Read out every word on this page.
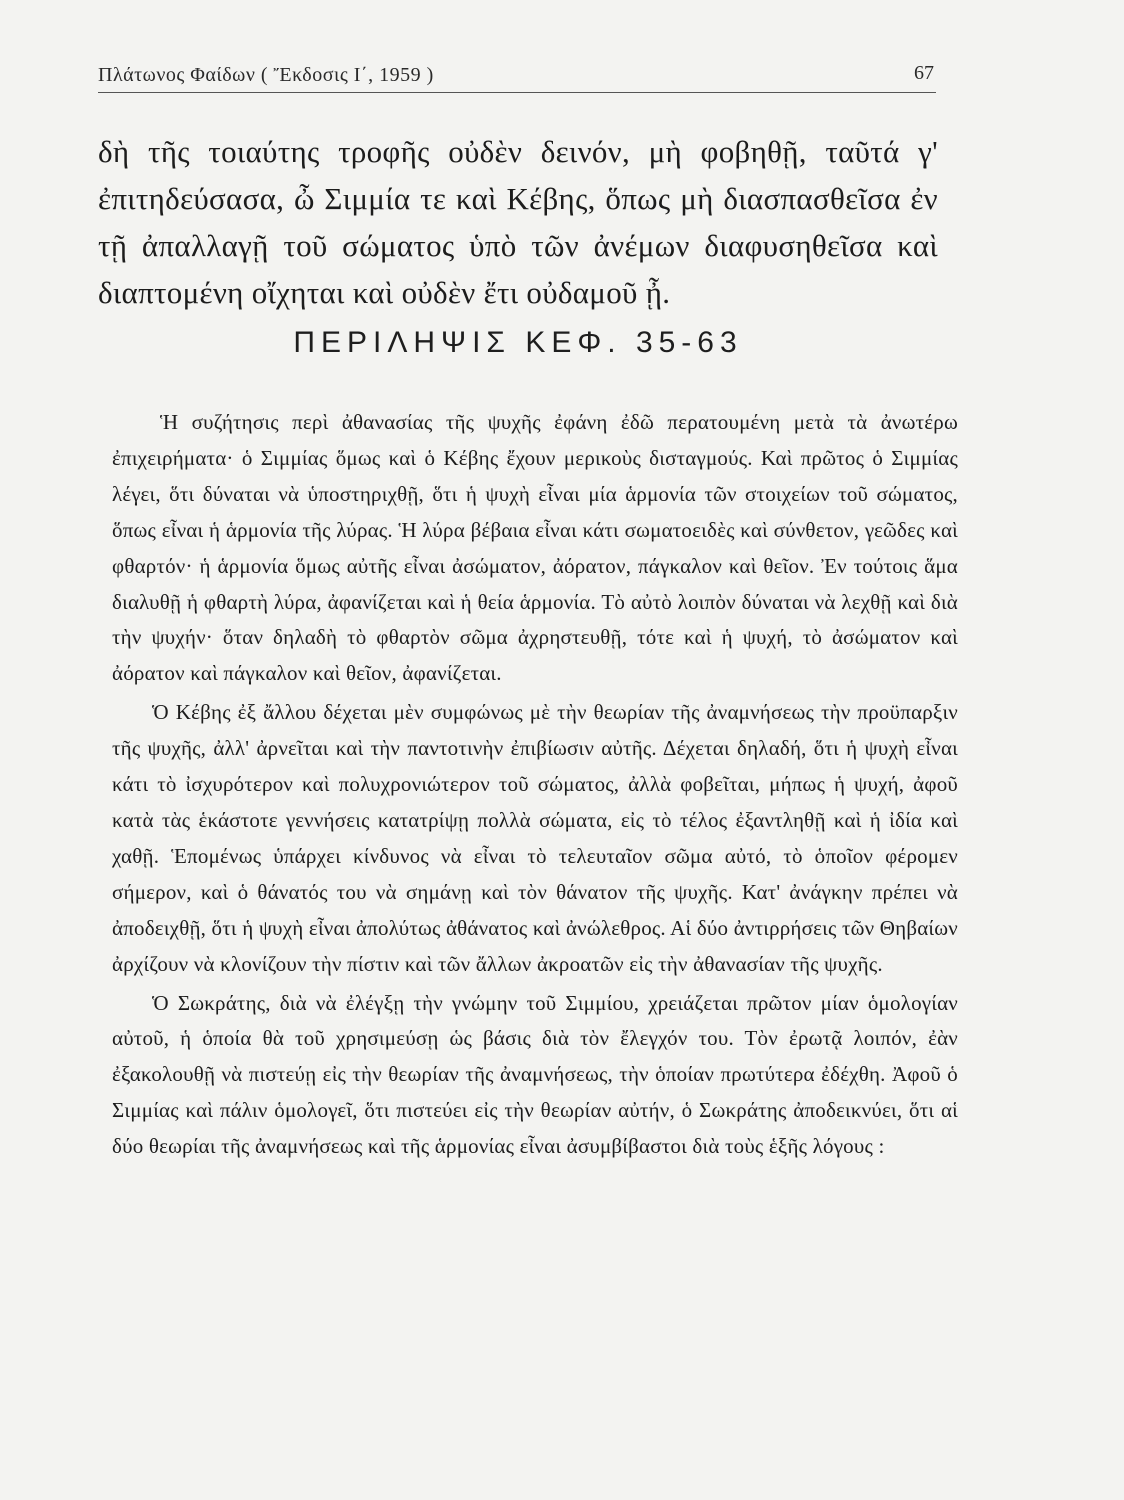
Πλάτωνος Φαίδων ( Ἔκδοσις Ι΄, 1959 )	67

δὴ τῆς τοιαύτης τροφῆς οὐδὲν δεινόν, μὴ φοβηθῇ, ταῦτά γ' ἐπιτηδεύσασα, ὦ Σιμμία τε καὶ Κέβης, ὅπως μὴ διασπασθεῖσα ἐν τῇ ἀπαλλαγῇ τοῦ σώματος ὑπὸ τῶν ἀνέμων διαφυσηθεῖσα καὶ διαπτομένη οἴχηται καὶ οὐδὲν ἔτι οὐδαμοῦ ᾖ.

ΠΕΡΙΛΗΨΙΣ ΚΕΦ. 35-63

Ἡ συζήτησις περὶ ἀθανασίας τῆς ψυχῆς ἐφάνη ἐδῶ περατουμένη μετὰ τὰ ἀνωτέρω ἐπιχειρήματα· ὁ Σιμμίας ὅμως καὶ ὁ Κέβης ἔχουν μερικοὺς δισταγμούς. Καὶ πρῶτος ὁ Σιμμίας λέγει, ὅτι δύναται νὰ ὑποστηριχθῇ, ὅτι ἡ ψυχὴ εἶναι μία ἁρμονία τῶν στοιχείων τοῦ σώματος, ὅπως εἶναι ἡ ἁρμονία τῆς λύρας. Ἡ λύρα βέβαια εἶναι κάτι σωματοειδὲς καὶ σύνθετον, γεῶδες καὶ φθαρτόν· ἡ ἁρμονία ὅμως αὐτῆς εἶναι ἀσώματον, ἀόρατον, πάγκαλον καὶ θεῖον. Ἐν τούτοις ἅμα διαλυθῇ ἡ φθαρτὴ λύρα, ἀφανίζεται καὶ ἡ θεία ἁρμονία. Τὸ αὐτὸ λοιπὸν δύναται νὰ λεχθῇ καὶ διὰ τὴν ψυχήν· ὅταν δηλαδὴ τὸ φθαρτὸν σῶμα ἀχρηστευθῇ, τότε καὶ ἡ ψυχή, τὸ ἀσώματον καὶ ἀόρατον καὶ πάγκαλον καὶ θεῖον, ἀφανίζεται.

Ὁ Κέβης ἐξ ἄλλου δέχεται μὲν συμφώνως μὲ τὴν θεωρίαν τῆς ἀναμνήσεως τὴν προϋπαρξιν τῆς ψυχῆς, ἀλλ' ἀρνεῖται καὶ τὴν παντοτινὴν ἐπιβίωσιν αὐτῆς. Δέχεται δηλαδή, ὅτι ἡ ψυχὴ εἶναι κάτι τὸ ἰσχυρότερον καὶ πολυχρονιώτερον τοῦ σώματος, ἀλλὰ φοβεῖται, μήπως ἡ ψυχή, ἀφοῦ κατὰ τὰς ἑκάστοτε γεννήσεις κατατρίψῃ πολλὰ σώματα, εἰς τὸ τέλος ἐξαντληθῇ καὶ ἡ ἰδία καὶ χαθῇ. Ἑπομένως ὑπάρχει κίνδυνος νὰ εἶναι τὸ τελευταῖον σῶμα αὐτό, τὸ ὁποῖον φέρομεν σήμερον, καὶ ὁ θάνατός του νὰ σημάνῃ καὶ τὸν θάνατον τῆς ψυχῆς. Κατ' ἀνάγκην πρέπει νὰ ἀποδειχθῇ, ὅτι ἡ ψυχὴ εἶναι ἀπολύτως ἀθάνατος καὶ ἀνώλεθρος. Αἱ δύο ἀντιρρήσεις τῶν Θηβαίων ἀρχίζουν νὰ κλονίζουν τὴν πίστιν καὶ τῶν ἄλλων ἀκροατῶν εἰς τὴν ἀθανασίαν τῆς ψυχῆς.

Ὁ Σωκράτης, διὰ νὰ ἐλέγξῃ τὴν γνώμην τοῦ Σιμμίου, χρειάζεται πρῶτον μίαν ὁμολογίαν αὐτοῦ, ἡ ὁποία θὰ τοῦ χρησιμεύσῃ ὡς βάσις διὰ τὸν ἔλεγχόν του. Τὸν ἐρωτᾷ λοιπόν, ἐὰν ἐξακολουθῇ νὰ πιστεύῃ εἰς τὴν θεωρίαν τῆς ἀναμνήσεως, τὴν ὁποίαν πρωτύτερα ἐδέχθη. Ἀφοῦ ὁ Σιμμίας καὶ πάλιν ὁμολογεῖ, ὅτι πιστεύει εἰς τὴν θεωρίαν αὐτήν, ὁ Σωκράτης ἀποδεικνύει, ὅτι αἱ δύο θεωρίαι τῆς ἀναμνήσεως καὶ τῆς ἁρμονίας εἶναι ἀσυμβίβαστοι διὰ τοὺς ἑξῆς λόγους :
